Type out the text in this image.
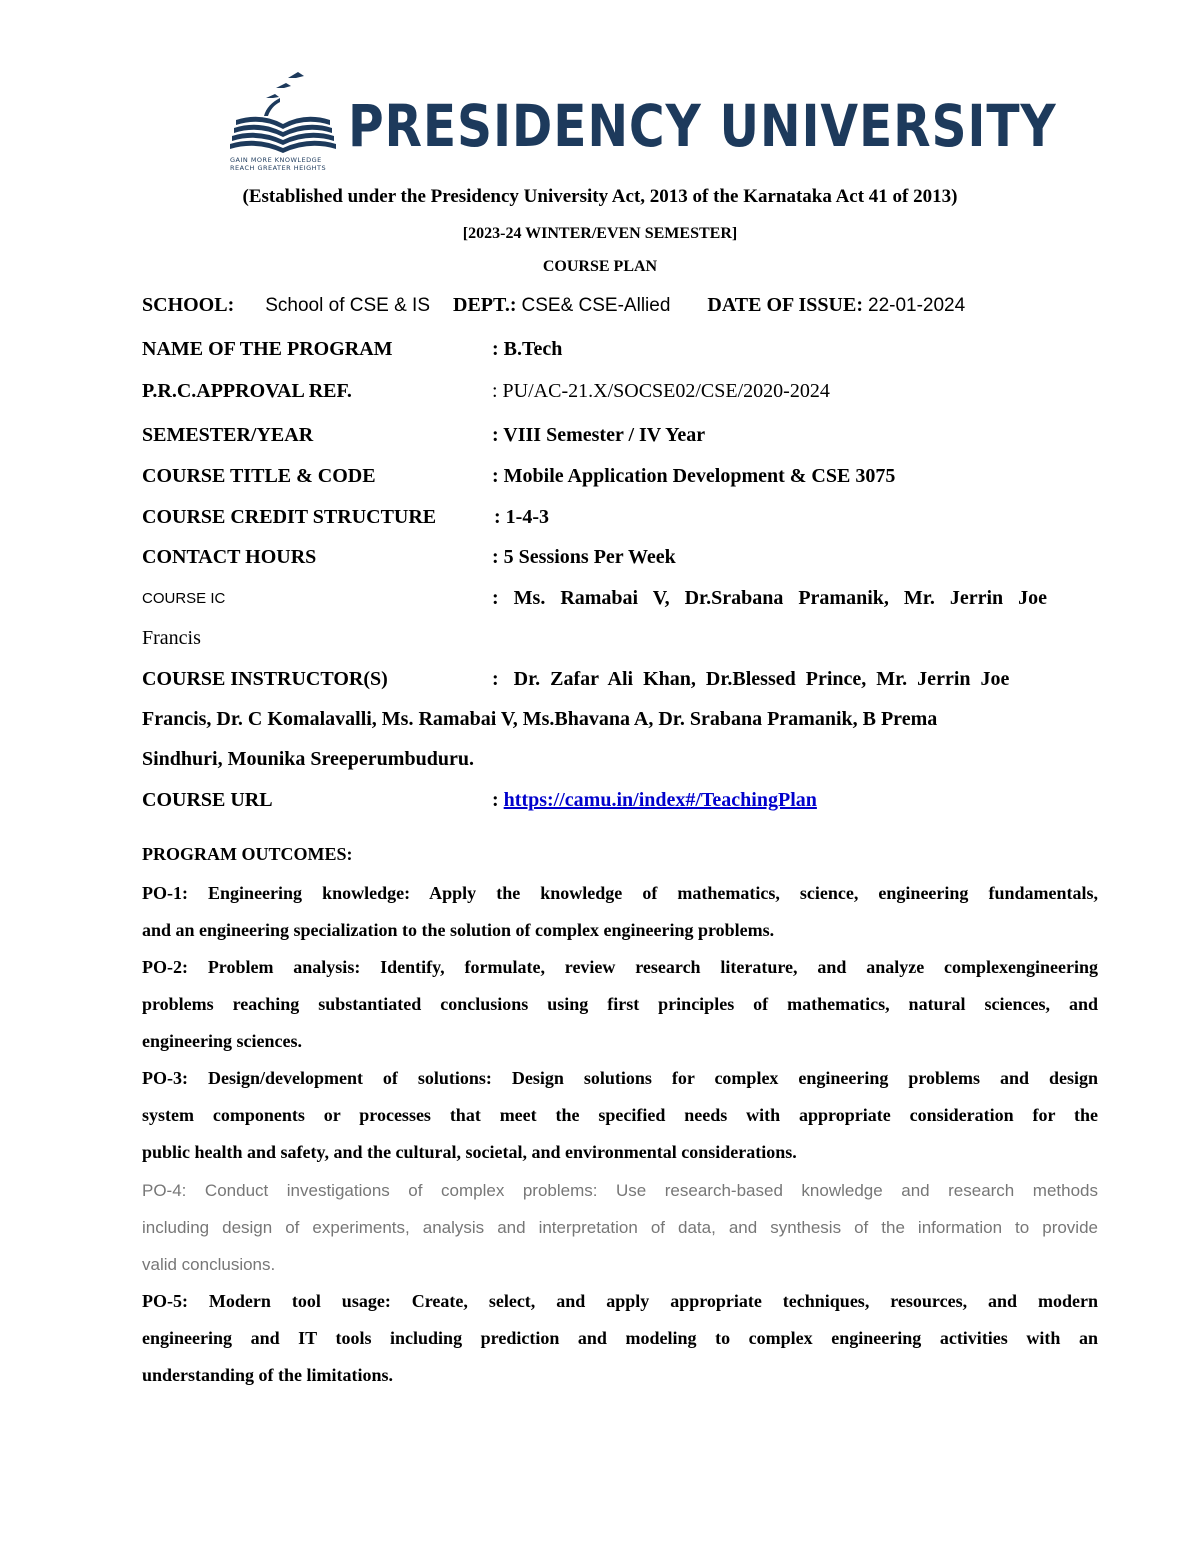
GAIN MORE KNOWLEDGE
REACH GREATER HEIGHTS
PRESIDENCY UNIVERSITY
(Established under the Presidency University Act, 2013 of the Karnataka Act 41 of 2013)
[2023-24 WINTER/EVEN SEMESTER]
COURSE PLAN
SCHOOL: School of CSE & IS DEPT.: CSE& CSE-Allied DATE OF ISSUE: 22-01-2024
NAME OF THE PROGRAM	: B.Tech
P.R.C.APPROVAL REF.	: PU/AC-21.X/SOCSE02/CSE/2020-2024
SEMESTER/YEAR	: VIII Semester / IV Year
COURSE TITLE & CODE	: Mobile Application Development & CSE 3075
COURSE CREDIT STRUCTURE	: 1-4-3
CONTACT HOURS	: 5 Sessions Per Week
COURSE IC	:   Ms.   Ramabai   V,   Dr.Srabana   Pramanik,   Mr.   Jerrin   Joe
Francis
COURSE INSTRUCTOR(S)	:   Dr.  Zafar  Ali  Khan,  Dr.Blessed  Prince,  Mr.  Jerrin  Joe
Francis, Dr. C Komalavalli, Ms. Ramabai V, Ms.Bhavana A, Dr. Srabana Pramanik, B Prema
Sindhuri, Mounika Sreeperumbuduru.
COURSE URL	: https://camu.in/index#/TeachingPlan
PROGRAM OUTCOMES:
PO-1: Engineering knowledge: Apply the knowledge of mathematics, science, engineering fundamentals,
and an engineering specialization to the solution of complex engineering problems.
PO-2: Problem analysis: Identify, formulate, review research literature, and analyze complexengineering
problems reaching substantiated conclusions using first principles of mathematics, natural sciences, and
engineering sciences.
PO-3: Design/development of solutions: Design solutions for complex engineering problems and design
system components or processes that meet the specified needs with appropriate consideration for the
public health and safety, and the cultural, societal, and environmental considerations.
PO-4: Conduct investigations of complex problems: Use research-based knowledge and research methods
including design of experiments, analysis and interpretation of data, and synthesis of the information to provide
valid conclusions.
PO-5: Modern tool usage: Create, select, and apply appropriate techniques, resources, and modern
engineering and IT tools including prediction and modeling to complex engineering activities with an
understanding of the limitations.
